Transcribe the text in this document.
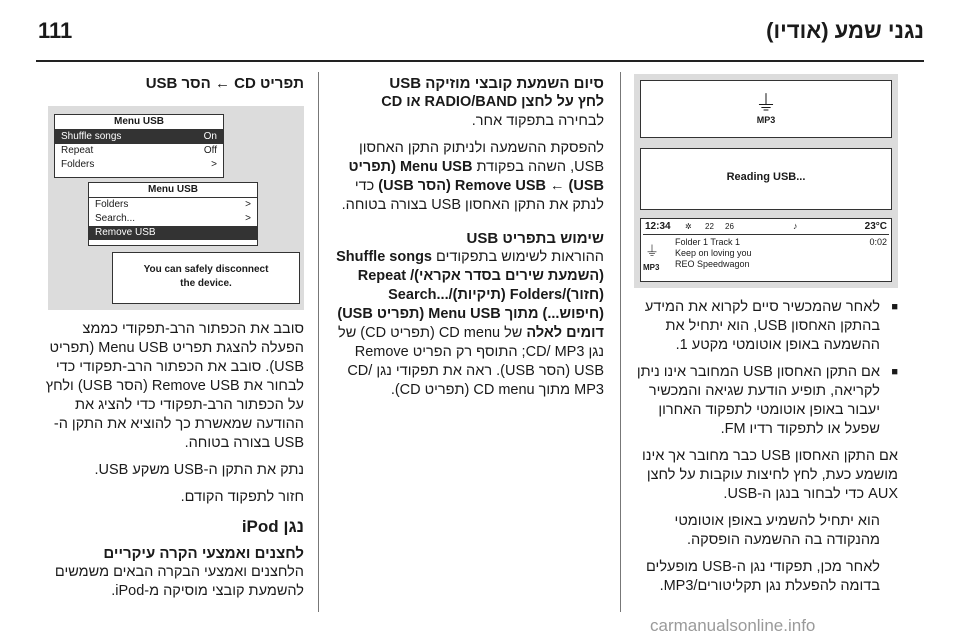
111	נגני שמע (אודיו)
⏚
MP3
Reading USB...
12:34 ✲ 22 26	♪	23°C
⏚
MP3
Folder 1 Track 1
Keep on loving you
REO Speedwagon
0:02
■ לאחר שהמכשיר סיים לקרוא את המידע בהתקן האחסון USB, הוא יתחיל את ההשמעה באופן אוטומטי מקטע 1.
■ אם התקן האחסון USB המחובר אינו ניתן לקריאה, תופיע הודעת שגיאה והמכשיר יעבור באופן אוטומטי לתפקוד האחרון שפעל או לתפקוד רדיו FM.

אם התקן האחסון USB כבר מחובר אך אינו מושמע כעת, לחץ לחיצות עוקבות על לחצן AUX כדי לבחור בנגן ה-USB.

הוא יתחיל להשמיע באופן אוטומטי מהנקודה בה ההשמעה הופסקה.

לאחר מכן, תפקודי נגן ה-USB מופעלים בדומה להפעלת נגן תקליטורים/MP3.

סיום השמעת קובצי מוזיקה USB

לחץ על לחצן RADIO/BAND או CD לבחירה בתפקוד אחר.

להפסקת ההשמעה ולניתוק התקן האחסון USB, השהה בפקודת Menu USB (תפריט USB) ← Remove USB (הסר USB) כדי לנתק את התקן האחסון USB בצורה בטוחה.

שימוש בתפריט USB

ההוראות לשימוש בתפקודים Shuffle songs (השמעת שירים בסדר אקראי)/ Repeat (חזור)/Folders (תיקיות)/...Search (חיפוש...) מתוך Menu USB (תפריט USB) דומים לאלה של CD menu (תפריט CD) של נגן CD/ MP3; התוסף רק הפריט Remove USB (הסר USB). ראה את תפקודי נגן CD/ MP3 מתוך CD menu (תפריט CD).

תפריט CD ← הסר USB
Menu USB
Shuffle songs	On
Repeat	Off
Folders	>
Menu USB
Folders	>
Search...	>
Remove USB
You can safely disconnect
the device.

סובב את הכפתור הרב-תפקודי כממצ הפעלה להצגת תפריט Menu USB (תפריט USB). סובב את הכפתור הרב-תפקודי כדי לבחור את Remove USB (הסר USB) ולחץ על הכפתור הרב-תפקודי כדי להציג את ההודעה שמאשרת כך להוציא את התקן ה-USB בצורה בטוחה.

נתק את התקן ה-USB משקע USB.

חזור לתפקוד הקודם.

נגן iPod
לחצנים ואמצעי הקרה עיקריים

הלחצנים ואמצעי הבקרה הבאים משמשים להשמעת קובצי מוסיקה מ-iPod.

carmanualsonline.info
